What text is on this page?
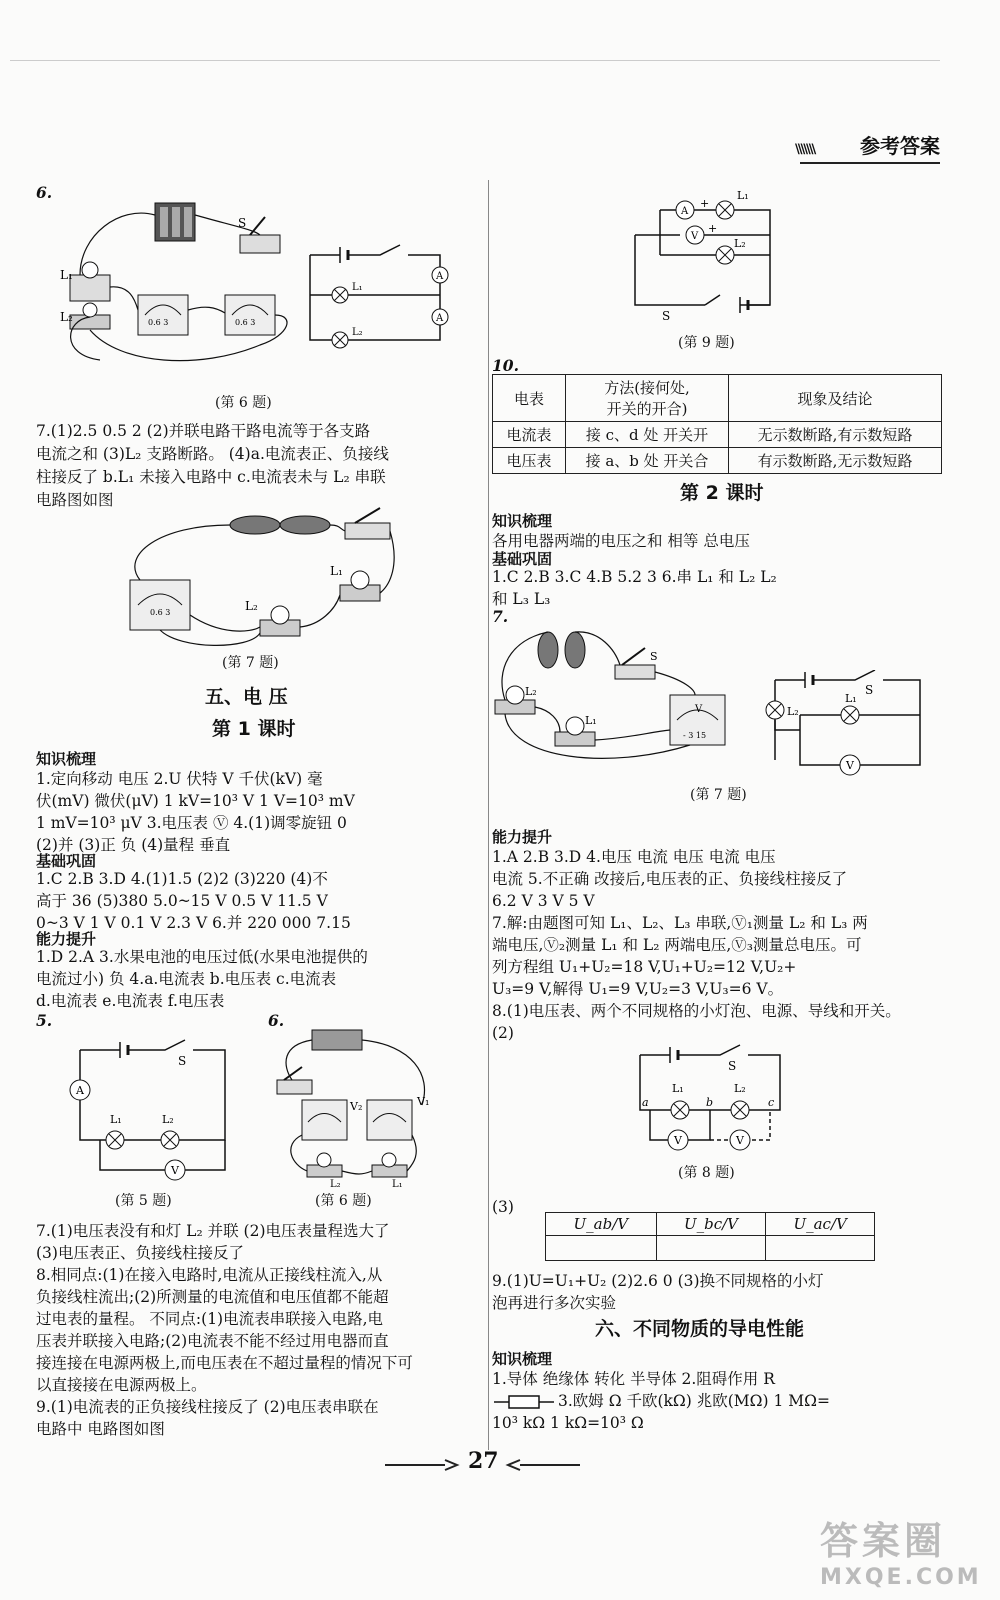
\\\\\\\ 参考答案
6.
L₁
L₂
S
0.6 3	0.6 3
A
A
L₁
L₂
(第 6 题)
7.(1)2.5 0.5 2 (2)并联电路干路电流等于各支路
电流之和 (3)L₂ 支路断路。 (4)a.电流表正、负接线
柱接反了 b.L₁ 未接入电路中 c.电流表未与 L₂ 串联
电路图如图
0.6 3
L₁
L₂
(第 7 题)
五、电 压
第 1 课时
知识梳理
1.定向移动 电压 2.U 伏特 V 千伏(kV) 毫
伏(mV) 微伏(μV) 1 kV=10³ V 1 V=10³ mV
1 mV=10³ μV 3.电压表 Ⓥ 4.(1)调零旋钮 0
(2)并 (3)正 负 (4)量程 垂直
基础巩固
1.C 2.B 3.D 4.(1)1.5 (2)2 (3)220 (4)不
高于 36 (5)380 5.0~15 V 0.5 V 11.5 V
0~3 V 1 V 0.1 V 2.3 V 6.并 220 000 7.15
能力提升
1.D 2.A 3.水果电池的电压过低(水果电池提供的
电流过小) 负 4.a.电流表 b.电压表 c.电流表
d.电流表 e.电流表 f.电压表
5.	6.
A
V
S
L₁	L₂
(第 5 题)
V₂	V₁
L₂	L₁
(第 6 题)
7.(1)电压表没有和灯 L₂ 并联 (2)电压表量程选大了
(3)电压表正、负接线柱接反了
8.相同点:(1)在接入电路时,电流从正接线柱流入,从
负接线柱流出;(2)所测量的电流值和电压值都不能超
过电表的量程。 不同点:(1)电流表串联接入电路,电
压表并联接入电路;(2)电流表不能不经过用电器而直
接连接在电源两极上,而电压表在不超过量程的情况下可
以直接接在电源两极上。
9.(1)电流表的正负接线柱接反了 (2)电压表串联在
电路中 电路图如图
A
V
+
+
L₁
L₂
S
(第 9 题)
10.
电表	方法(接何处,
开关的开合)	现象及结论
电流表	接 c、d 处 开关开	无示数断路,有示数短路
电压表	接 a、b 处 开关合	有示数断路,无示数短路
第 2 课时
知识梳理
各用电器两端的电压之和 相等 总电压
基础巩固
1.C 2.B 3.C 4.B 5.2 3 6.串 L₁ 和 L₂ L₂
和 L₃ L₃
7.
- 3 15
V
L₂
L₁
S
V
L₂
L₁
S
(第 7 题)
能力提升
1.A 2.B 3.D 4.电压 电流 电压 电流 电压
电流 5.不正确 改接后,电压表的正、负接线柱接反了
6.2 V 3 V 5 V
7.解:由题图可知 L₁、L₂、L₃ 串联,Ⓥ₁测量 L₂ 和 L₃ 两
端电压,Ⓥ₂测量 L₁ 和 L₂ 两端电压,Ⓥ₃测量总电压。可
列方程组 U₁+U₂=18 V,U₁+U₂=12 V,U₂+
U₃=9 V,解得 U₁=9 V,U₂=3 V,U₃=6 V。
8.(1)电压表、两个不同规格的小灯泡、电源、导线和开关。
(2)
V	V
a	b	c
L₁	L₂
S
(第 8 题)
(3)
U_ab/V	U_bc/V	U_ac/V

9.(1)U=U₁+U₂ (2)2.6 0 (3)换不同规格的小灯
泡再进行多次实验
六、不同物质的导电性能
知识梳理
1.导体 绝缘体 转化 半导体 2.阻碍作用 R
3.欧姆 Ω 千欧(kΩ) 兆欧(MΩ) 1 MΩ=
10³ kΩ 1 kΩ=10³ Ω
27
答案圈
MXQE.COM
